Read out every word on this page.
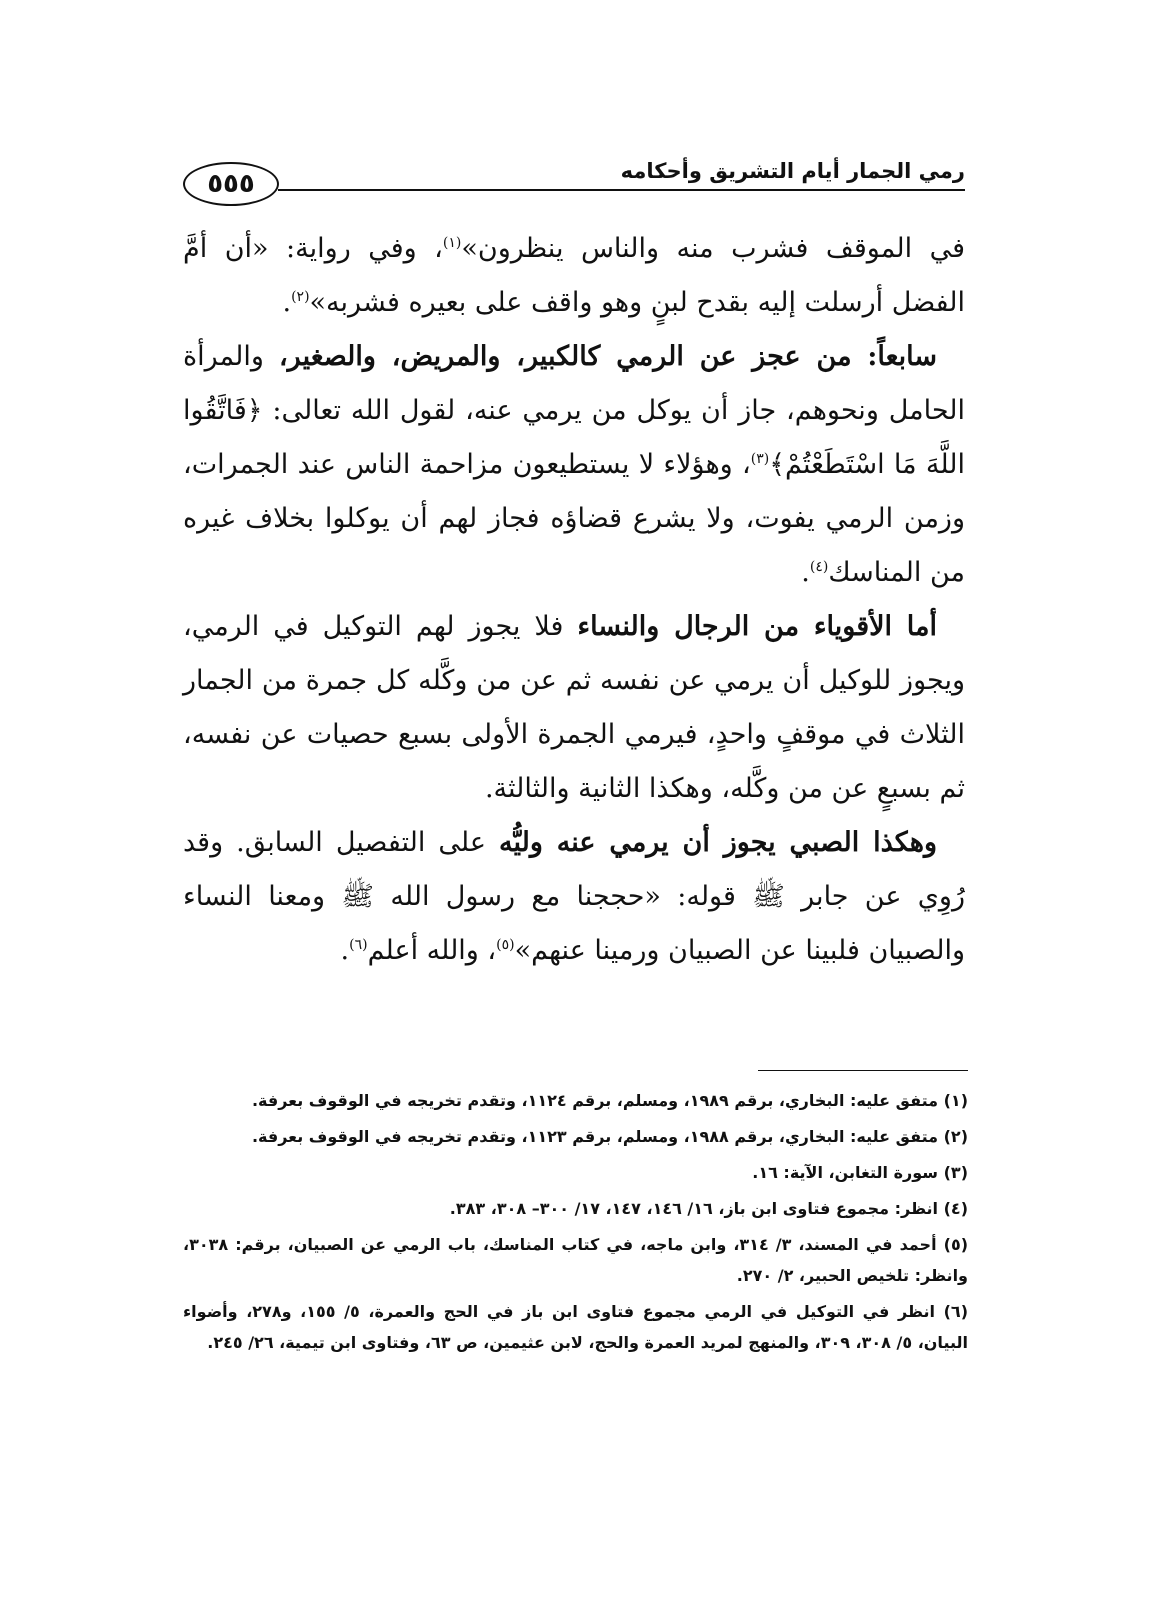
٥٥٥	رمي الجمار أيام التشريق وأحكامه

في الموقف فشرب منه والناس ينظرون»$^{(١)}$، وفي رواية: «أن أمَّ الفضل أرسلت إليه بقدح لبنٍ وهو واقف على بعيره فشربه»$^{(٢)}$.

سابعاً: من عجز عن الرمي كالكبير، والمريض، والصغير، والمرأة الحامل ونحوهم، جاز أن يوكل من يرمي عنه، لقول الله تعالى: ﴿فَاتَّقُوا اللَّهَ مَا اسْتَطَعْتُمْ﴾$^{(٣)}$، وهؤلاء لا يستطيعون مزاحمة الناس عند الجمرات، وزمن الرمي يفوت، ولا يشرع قضاؤه فجاز لهم أن يوكلوا بخلاف غيره من المناسك$^{(٤)}$.

أما الأقوياء من الرجال والنساء فلا يجوز لهم التوكيل في الرمي، ويجوز للوكيل أن يرمي عن نفسه ثم عن من وكَّله كل جمرة من الجمار الثلاث في موقفٍ واحدٍ، فيرمي الجمرة الأولى بسبع حصيات عن نفسه، ثم بسبعٍ عن من وكَّله، وهكذا الثانية والثالثة.

وهكذا الصبي يجوز أن يرمي عنه وليُّه على التفصيل السابق. وقد رُوِي عن جابر ﷺ قوله: «حججنا مع رسول الله ﷺ ومعنا النساء والصبيان فلبينا عن الصبيان ورمينا عنهم»$^{(٥)}$، والله أعلم$^{(٦)}$.

(١) متفق عليه: البخاري، برقم ١٩٨٩، ومسلم، برقم ١١٢٤، وتقدم تخريجه في الوقوف بعرفة.

(٢) متفق عليه: البخاري، برقم ١٩٨٨، ومسلم، برقم ١١٢٣، وتقدم تخريجه في الوقوف بعرفة.

(٣) سورة التغابن، الآية: ١٦.

(٤) انظر: مجموع فتاوى ابن باز، ١٦/ ١٤٦، ١٤٧، ١٧/ ٣٠٠– ٣٠٨، ٣٨٣.

(٥) أحمد في المسند، ٣/ ٣١٤، وابن ماجه، في كتاب المناسك، باب الرمي عن الصبيان، برقم: ٣٠٣٨، وانظر: تلخيص الحبير، ٢/ ٢٧٠.

(٦) انظر في التوكيل في الرمي مجموع فتاوى ابن باز في الحج والعمرة، ٥/ ١٥٥، و٢٧٨، وأضواء البيان، ٥/ ٣٠٨، ٣٠٩، والمنهج لمريد العمرة والحج، لابن عثيمين، ص ٦٣، وفتاوى ابن تيمية، ٢٦/ ٢٤٥.
